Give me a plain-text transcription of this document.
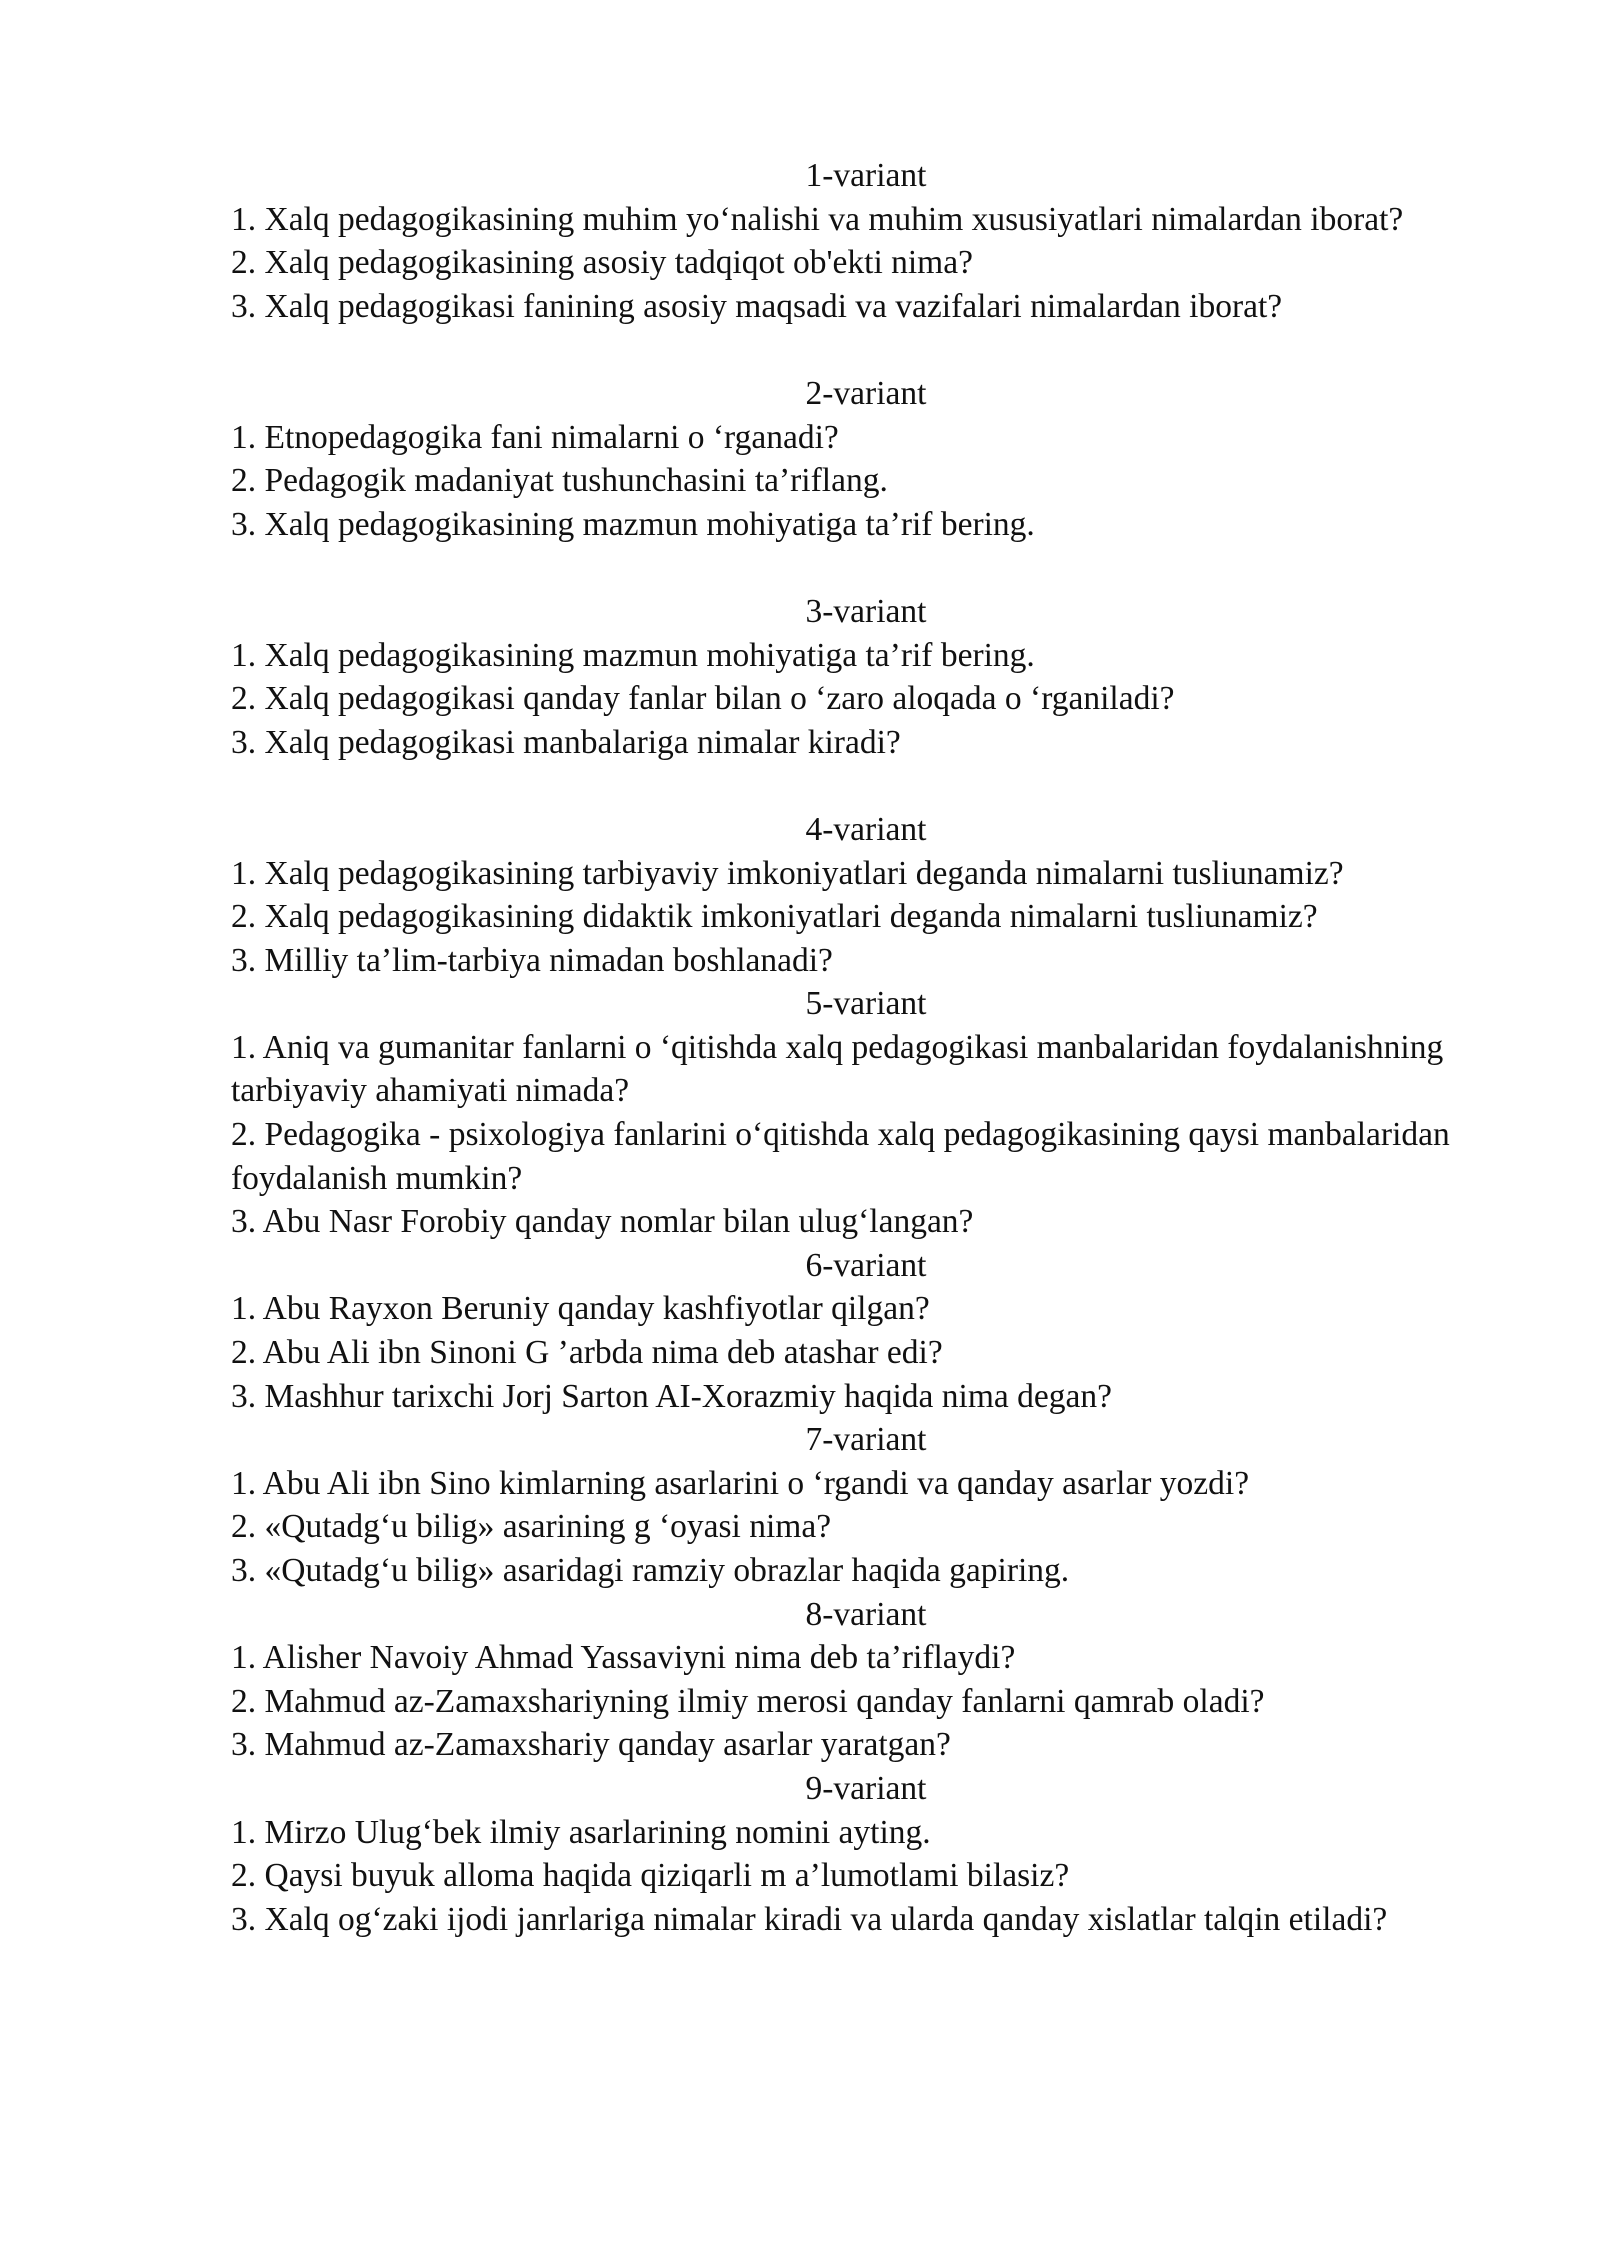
1-variant
1. Xalq pedagogikasining muhim yo‘nalishi va muhim xususiyatlari nimalardan iborat?
2. Xalq pedagogikasining asosiy tadqiqot ob'ekti nima?
3. Xalq pedagogikasi fanining asosiy maqsadi va vazifalari nimalardan iborat?
2-variant
1. Etnopedagogika fani nimalarni o ‘rganadi?
2. Pedagogik madaniyat tushunchasini ta’riflang.
3. Xalq pedagogikasining mazmun mohiyatiga ta’rif bering.
3-variant
1. Xalq pedagogikasining mazmun mohiyatiga ta’rif bering.
2. Xalq pedagogikasi qanday fanlar bilan o ‘zaro aloqada o ‘rganiladi?
3. Xalq pedagogikasi manbalariga nimalar kiradi?
4-variant
1. Xalq pedagogikasining tarbiyaviy imkoniyatlari deganda nimalarni tusliunamiz?
2. Xalq pedagogikasining didaktik imkoniyatlari deganda nimalarni tusliunamiz?
3. Milliy ta’lim-tarbiya nimadan boshlanadi?
5-variant
1. Aniq va gumanitar fanlarni o ‘qitishda xalq pedagogikasi manbalaridan foydalanishning tarbiyaviy ahamiyati nimada?
2. Pedagogika - psixologiya fanlarini o‘qitishda xalq pedagogikasining qaysi manbalaridan foydalanish mumkin?
3. Abu Nasr Forobiy qanday nomlar bilan ulug‘langan?
6-variant
1. Abu Rayxon Beruniy qanday kashfiyotlar qilgan?
2. Abu Ali ibn Sinoni G ’arbda nima deb atashar edi?
3. Mashhur tarixchi Jorj Sarton AI-Xorazmiy haqida nima degan?
7-variant
1. Abu Ali ibn Sino kimlarning asarlarini o ‘rgandi va qanday asarlar yozdi?
2. «Qutadg‘u bilig» asarining g ‘oyasi nima?
3. «Qutadg‘u bilig» asaridagi ramziy obrazlar haqida gapiring.
8-variant
1. Alisher Navoiy Ahmad Yassaviyni nima deb ta’riflaydi?
2. Mahmud az-Zamaxshariyning ilmiy merosi qanday fanlarni qamrab oladi?
3. Mahmud az-Zamaxshariy qanday asarlar yaratgan?
9-variant
1. Mirzo Ulug‘bek ilmiy asarlarining nomini ayting.
2. Qaysi buyuk alloma haqida qiziqarli m a’lumotlami bilasiz?
3. Xalq og‘zaki ijodi janrlariga nimalar kiradi va ularda qanday xislatlar talqin etiladi?
